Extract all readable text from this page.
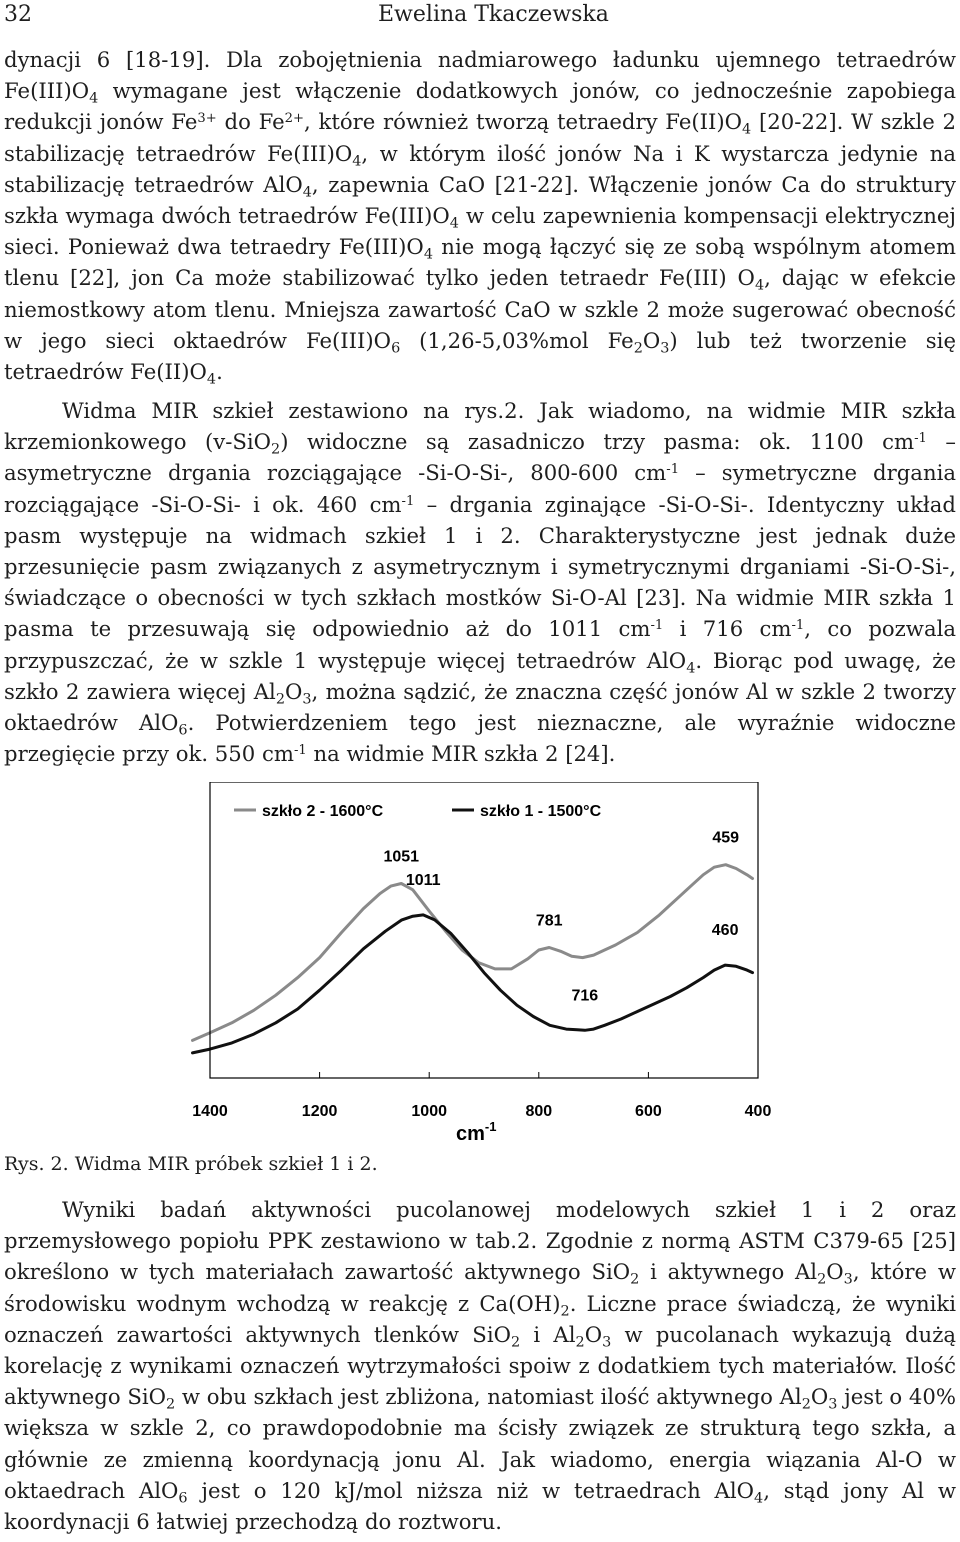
32	Ewelina Tkaczewska

dynacji 6 [18-19]. Dla zobojętnienia nadmiarowego ładunku ujemnego tetraedrów $Fe(III)O_4$ wymagane jest włączenie dodatkowych jonów, co jednocześnie zapobiega redukcji jonów $Fe^{3+}$ do $Fe^{2+}$, które również tworzą tetraedry $Fe(II)O_4$ [20-22]. W szkle 2 stabilizację tetraedrów $Fe(III)O_4$, w którym ilość jonów Na i K wystarcza jedynie na stabilizację tetraedrów AlO$_4$, zapewnia CaO [21-22]. Włączenie jonów Ca do struktury szkła wymaga dwóch tetraedrów $Fe(III)O_4$ w celu zapewnienia kompensacji elektrycznej sieci. Ponieważ dwa tetraedry $Fe(III)O_4$ nie mogą łączyć się ze sobą wspólnym atomem tlenu [22], jon Ca może stabilizować tylko jeden tetraedr Fe(III) $O_4$, dając w efekcie niemostkowy atom tlenu. Mniejsza zawartość CaO w szkle 2 może sugerować obecność w jego sieci oktaedrów $Fe(III)O_6$ (1,26-5,03%mol $Fe_2O_3$) lub też tworzenie się tetraedrów $Fe(II)O_4$.

Widma MIR szkieł zestawiono na rys.2. Jak wiadomo, na widmie MIR szkła krzemionkowego (v-SiO$_2$) widoczne są zasadniczo trzy pasma: ok. 1100 $cm^{-1}$ – asymetryczne drgania rozciągające -Si-O-Si-, 800-600 $cm^{-1}$ – symetryczne drgania rozciągające -Si-O-Si- i ok. 460 $cm^{-1}$ – drgania zginające -Si-O-Si-. Identyczny układ pasm występuje na widmach szkieł 1 i 2. Charakterystyczne jest jednak duże przesunięcie pasm związanych z asymetrycznym i symetrycznymi drganiami -Si-O-Si-, świadczące o obecności w tych szkłach mostków Si-O-Al [23]. Na widmie MIR szkła 1 pasma te przesuwają się odpowiednio aż do 1011 $cm^{-1}$ i 716 $cm^{-1}$, co pozwala przypuszczać, że w szkle 1 występuje więcej tetraedrów AlO$_4$. Biorąc pod uwagę, że szkło 2 zawiera więcej $Al_2O_3$, można sądzić, że znaczna część jonów Al w szkle 2 tworzy oktaedrów AlO$_6$. Potwierdzeniem tego jest nieznaczne, ale wyraźnie widoczne przegięcie przy ok. 550 $cm^{-1}$ na widmie MIR szkła 2 [24].

szkło 2 - 1600°C	szkło 1 - 1500°C
1051
781
459
1011
716
460
1400	1200	1000	800	600	400
$cm^{-1}$
Rys. 2. Widma MIR próbek szkieł 1 i 2.

Wyniki badań aktywności pucolanowej modelowych szkieł 1 i 2 oraz przemysłowego popiołu PPK zestawiono w tab.2. Zgodnie z normą ASTM C379-65 [25] określono w tych materiałach zawartość aktywnego SiO$_2$ i aktywnego $Al_2O_3$, które w środowisku wodnym wchodzą w reakcję z $Ca(OH)_2$. Liczne prace świadczą, że wyniki oznaczeń zawartości aktywnych tlenków SiO$_2$ i $Al_2O_3$ w pucolanach wykazują dużą korelację z wynikami oznaczeń wytrzymałości spoiw z dodatkiem tych materiałów. Ilość aktywnego SiO$_2$ w obu szkłach jest zbliżona, natomiast ilość aktywnego $Al_2O_3$ jest o 40% większa w szkle 2, co prawdopodobnie ma ścisły związek ze strukturą tego szkła, a głównie ze zmienną koordynacją jonu Al. Jak wiadomo, energia wiązania Al-O w oktaedrach AlO$_6$ jest o 120 kJ/mol niższa niż w tetraedrach AlO$_4$, stąd jony Al w koordynacji 6 łatwiej przechodzą do roztworu.
